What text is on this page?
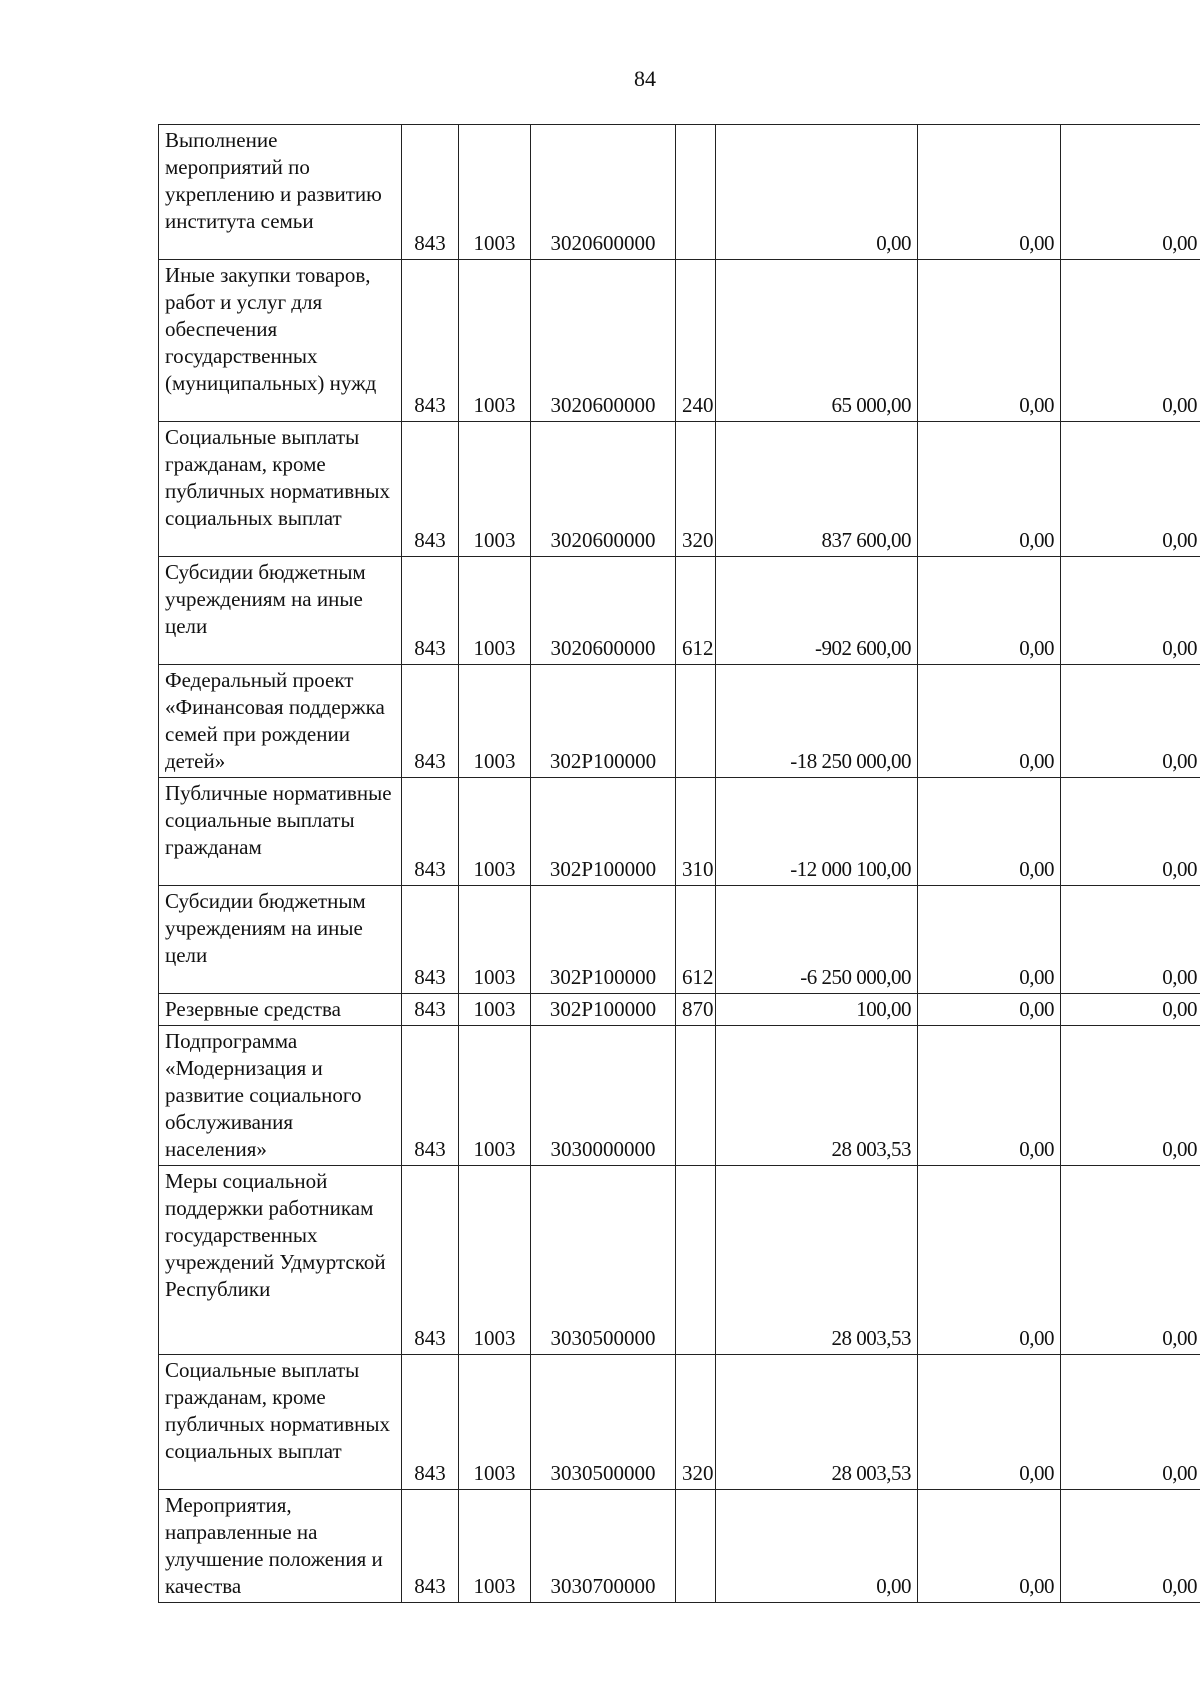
84
Выполнение мероприятий по укреплению и развитию института семьи	843	1003	3020600000		0,00	0,00	0,00
Иные закупки товаров, работ и услуг для обеспечения государственных (муниципальных) нужд	843	1003	3020600000	240	65 000,00	0,00	0,00
Социальные выплаты гражданам, кроме публичных нормативных социальных выплат	843	1003	3020600000	320	837 600,00	0,00	0,00
Субсидии бюджетным учреждениям на иные цели	843	1003	3020600000	612	-902 600,00	0,00	0,00
Федеральный проект «Финансовая поддержка семей при рождении детей»	843	1003	302P100000		-18 250 000,00	0,00	0,00
Публичные нормативные социальные выплаты гражданам	843	1003	302P100000	310	-12 000 100,00	0,00	0,00
Субсидии бюджетным учреждениям на иные цели	843	1003	302P100000	612	-6 250 000,00	0,00	0,00
Резервные средства	843	1003	302P100000	870	100,00	0,00	0,00
Подпрограмма «Модернизация и развитие социального обслуживания населения»	843	1003	3030000000		28 003,53	0,00	0,00
Меры социальной поддержки работникам государственных учреждений Удмуртской Республики	843	1003	3030500000		28 003,53	0,00	0,00
Социальные выплаты гражданам, кроме публичных нормативных социальных выплат	843	1003	3030500000	320	28 003,53	0,00	0,00
Мероприятия, направленные на улучшение положения и качества	843	1003	3030700000		0,00	0,00	0,00
